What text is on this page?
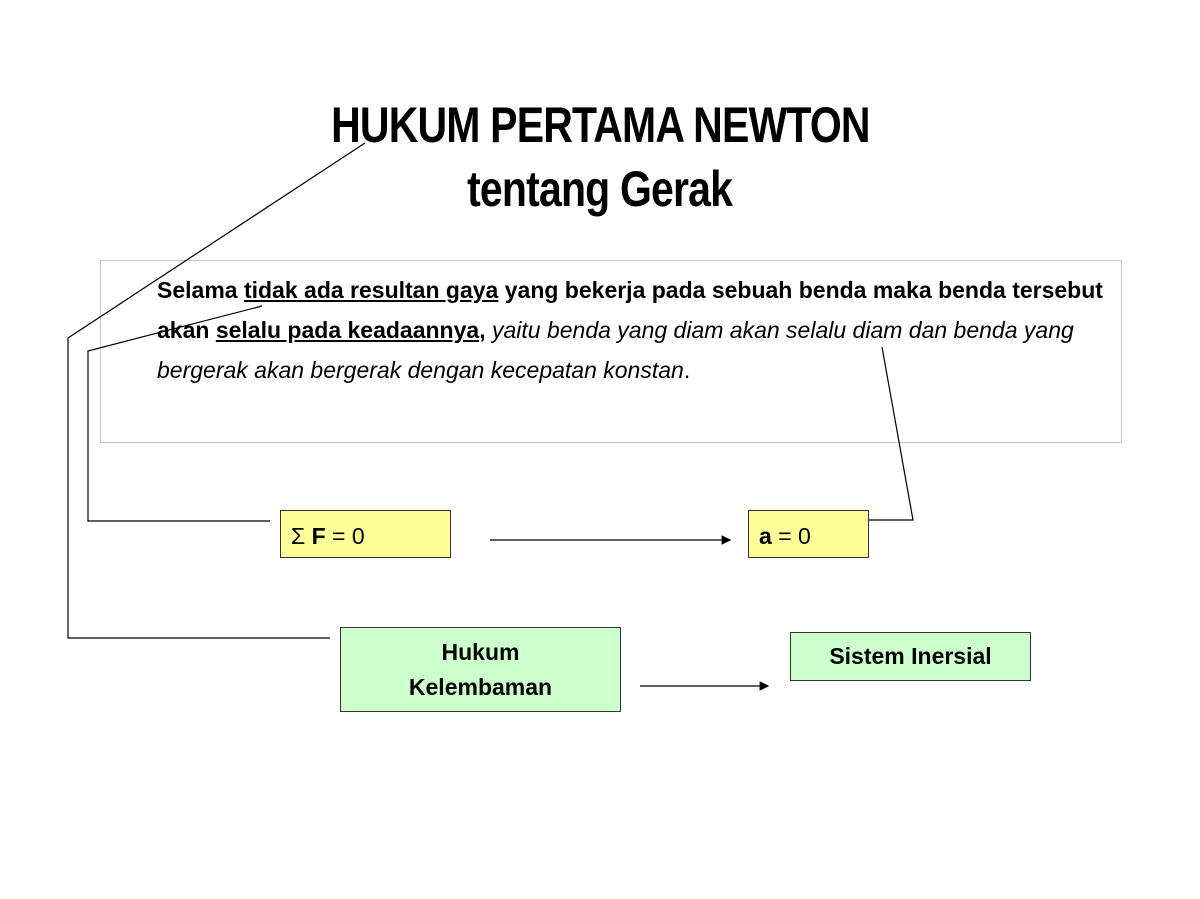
HUKUM PERTAMA NEWTON
tentang Gerak
Selama tidak ada resultan gaya yang bekerja pada sebuah benda maka benda tersebut akan selalu pada keadaannya, yaitu benda yang diam akan selalu diam dan benda yang bergerak akan bergerak dengan kecepatan konstan.
Σ F = 0	a = 0
Hukum
Kelembaman
Sistem Inersial
